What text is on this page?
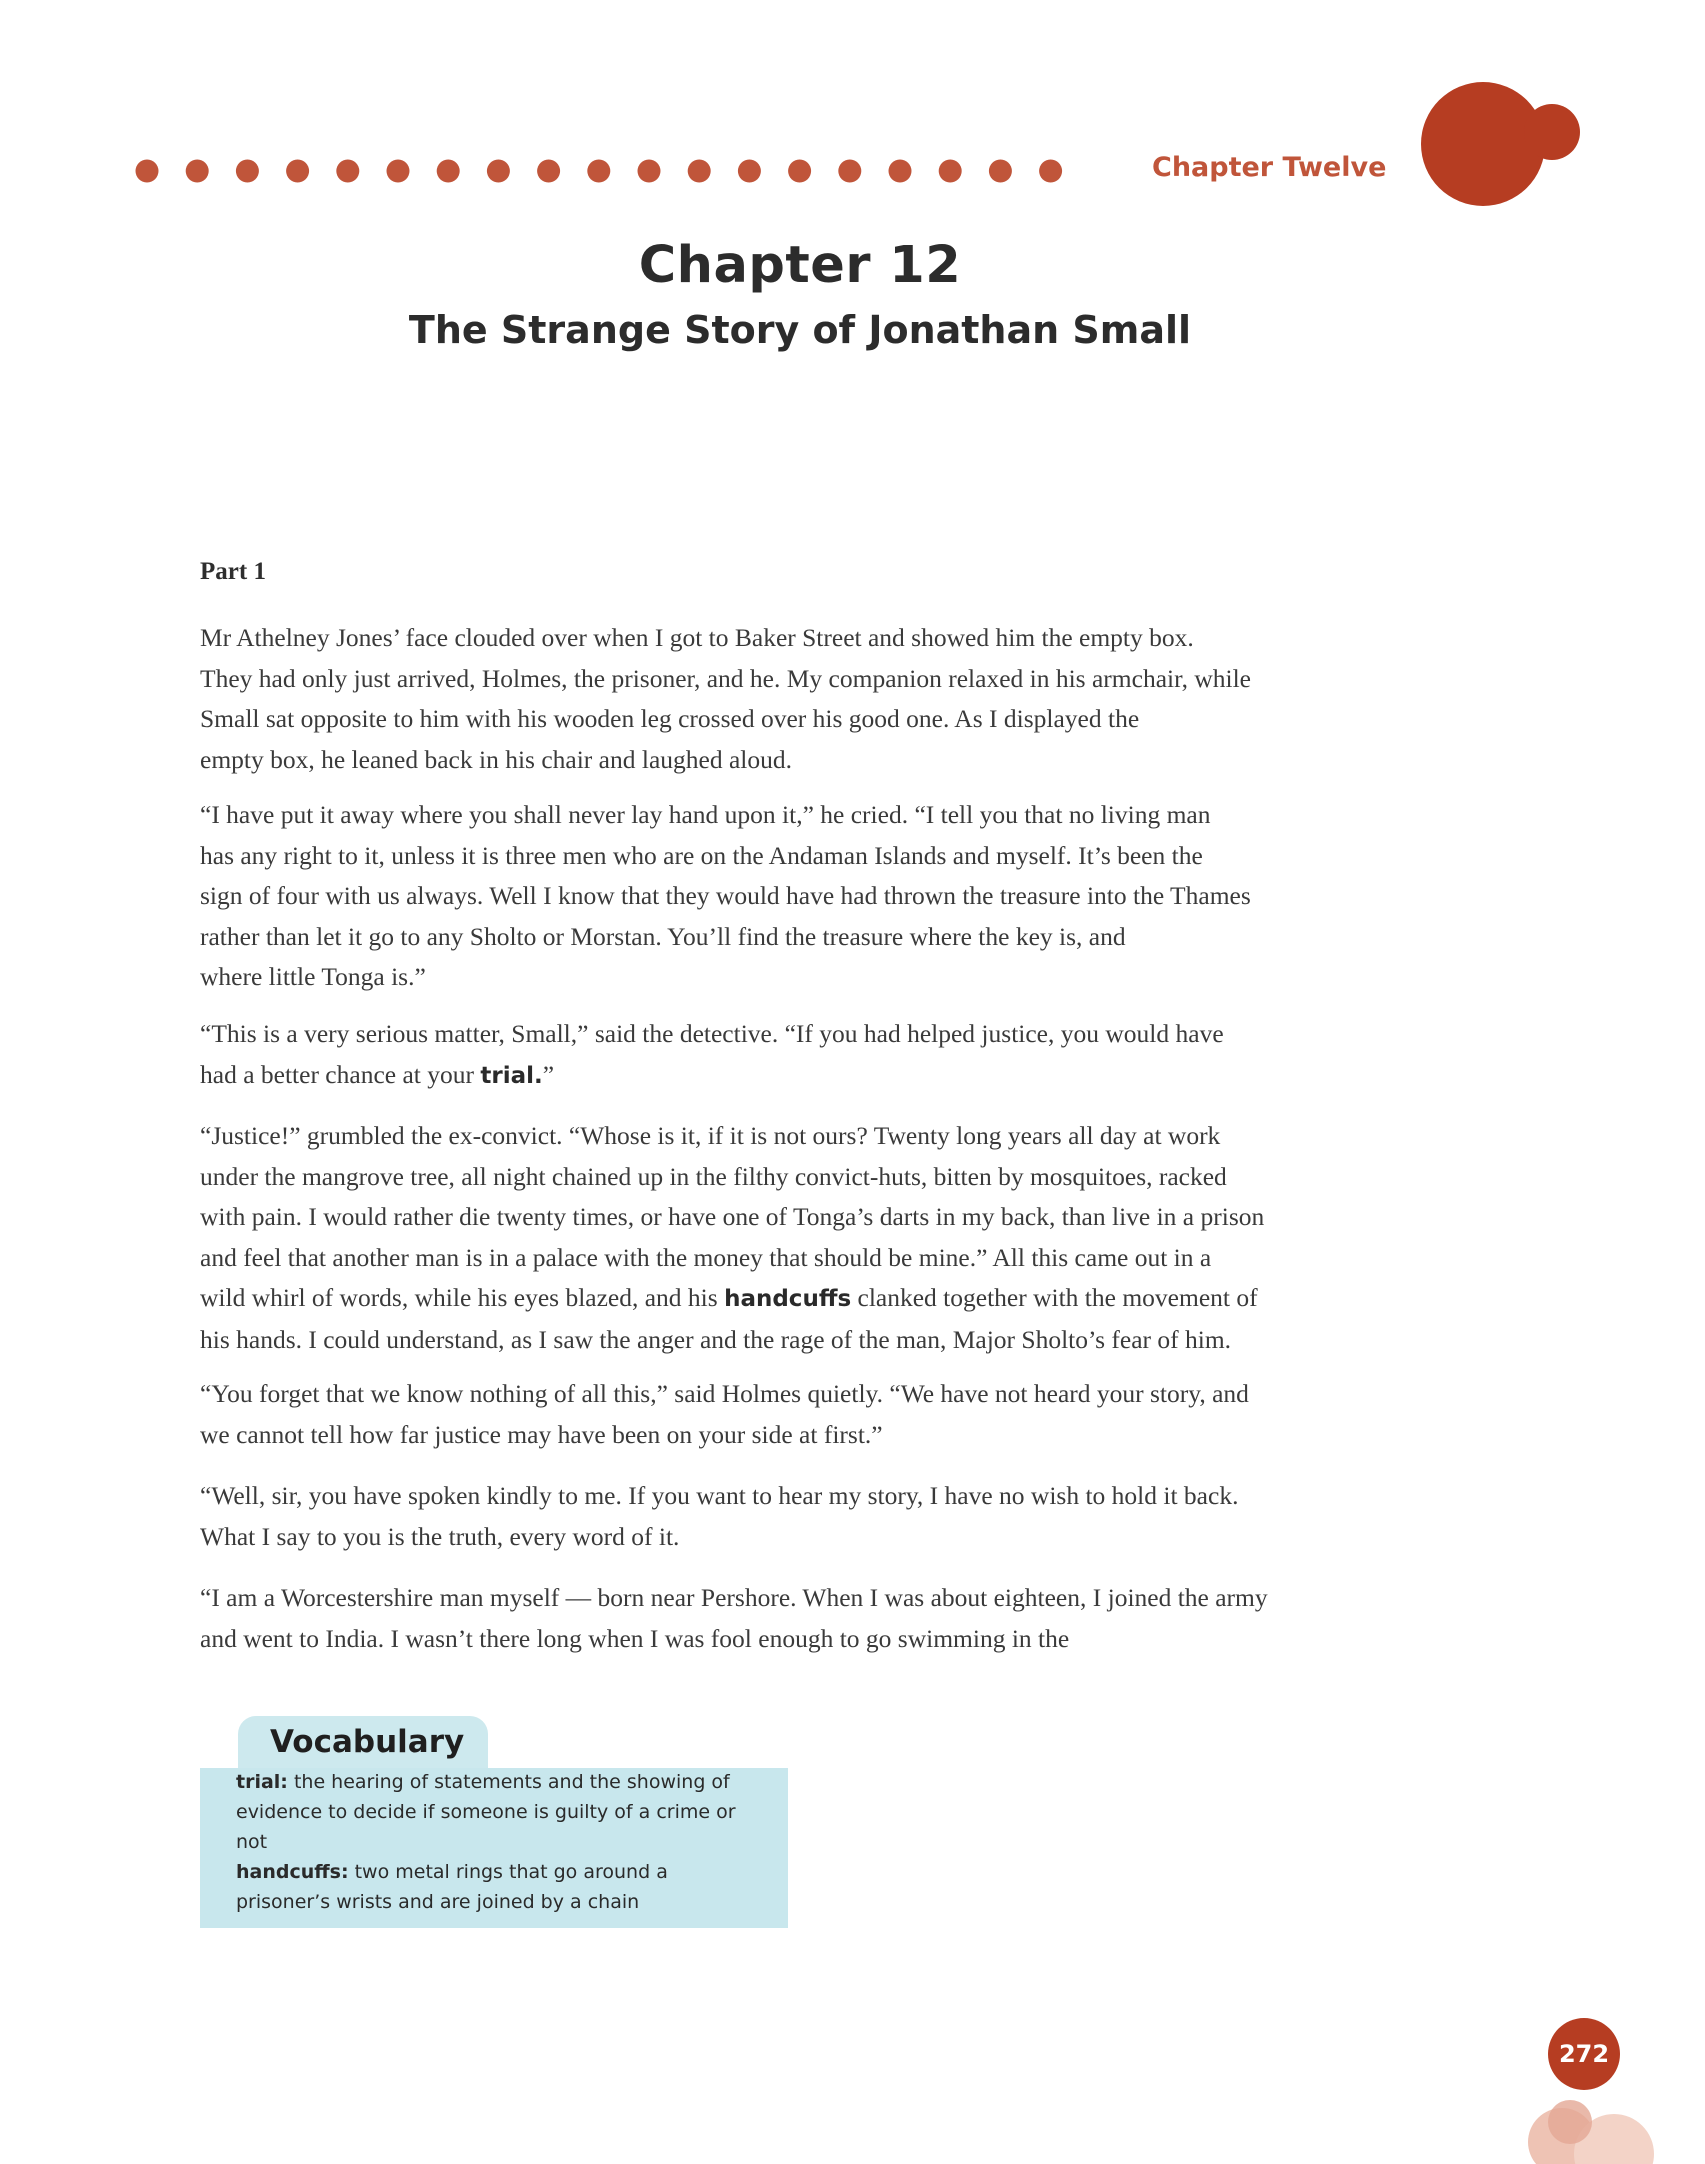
Chapter Twelve
Chapter 12
The Strange Story of Jonathan Small
Part 1

Mr Athelney Jones’ face clouded over when I got to Baker Street and showed him the empty box.
They had only just arrived, Holmes, the prisoner, and he. My companion relaxed in his armchair, while
Small sat opposite to him with his wooden leg crossed over his good one. As I displayed the
empty box, he leaned back in his chair and laughed aloud.

“I have put it away where you shall never lay hand upon it,” he cried. “I tell you that no living man
has any right to it, unless it is three men who are on the Andaman Islands and myself. It’s been the
sign of four with us always. Well I know that they would have had thrown the treasure into the Thames
rather than let it go to any Sholto or Morstan. You’ll find the treasure where the key is, and
where little Tonga is.”

“This is a very serious matter, Small,” said the detective. “If you had helped justice, you would have
had a better chance at your trial.”

“Justice!” grumbled the ex-convict. “Whose is it, if it is not ours? Twenty long years all day at work
under the mangrove tree, all night chained up in the filthy convict-huts, bitten by mosquitoes, racked
with pain. I would rather die twenty times, or have one of Tonga’s darts in my back, than live in a prison
and feel that another man is in a palace with the money that should be mine.” All this came out in a
wild whirl of words, while his eyes blazed, and his handcuffs clanked together with the movement of
his hands. I could understand, as I saw the anger and the rage of the man, Major Sholto’s fear of him.

“You forget that we know nothing of all this,” said Holmes quietly. “We have not heard your story, and
we cannot tell how far justice may have been on your side at first.”

“Well, sir, you have spoken kindly to me. If you want to hear my story, I have no wish to hold it back.
What I say to you is the truth, every word of it.

“I am a Worcestershire man myself — born near Pershore. When I was about eighteen, I joined the army
and went to India. I wasn’t there long when I was fool enough to go swimming in the

Vocabulary

trial: the hearing of statements and the showing of
evidence to decide if someone is guilty of a crime or
not

handcuffs: two metal rings that go around a
prisoner’s wrists and are joined by a chain

272
